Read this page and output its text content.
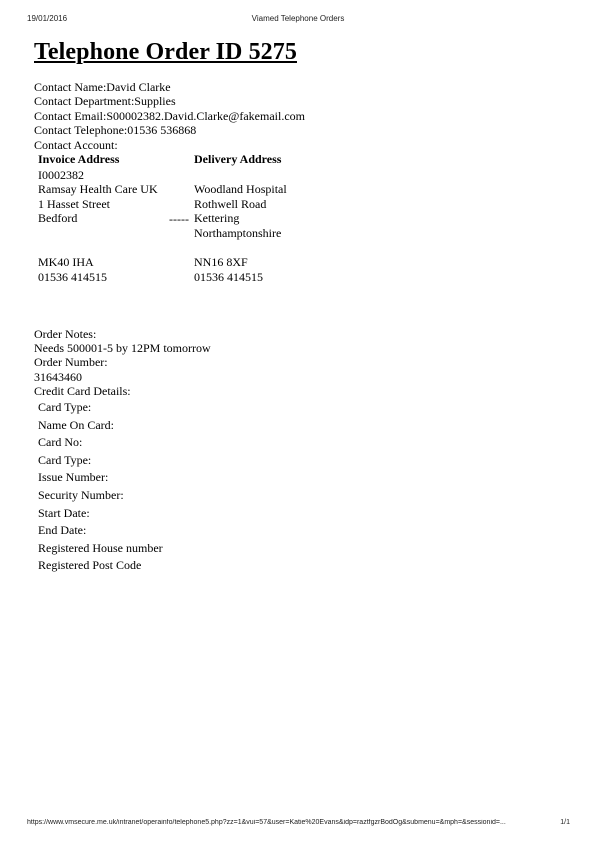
19/01/2016	Viamed Telephone Orders
Telephone Order ID 5275
Contact Name:David Clarke
Contact Department:Supplies
Contact Email:S00002382.David.Clarke@fakemail.com
Contact Telephone:01536 536868
Contact Account:
Invoice Address
I0002382
Ramsay Health Care UK
1 Hasset Street
Bedford
MK40 IHA
01536 414515
-----
Delivery Address
Woodland Hospital
Rothwell Road
Kettering
Northamptonshire
NN16 8XF
01536 414515
Order Notes:
Needs 500001-5 by 12PM tomorrow
Order Number:
31643460
Credit Card Details:
Card Type:
Name On Card:
Card No:
Card Type:
Issue Number:
Security Number:
Start Date:
End Date:
Registered House number
Registered Post Code
https://www.vmsecure.me.uk/intranet/operainfo/telephone5.php?zz=1&vui=57&user=Katie%20Evans&idp=raztfgzrBodOg&submenu=&mph=&sessionid=...	1/1
